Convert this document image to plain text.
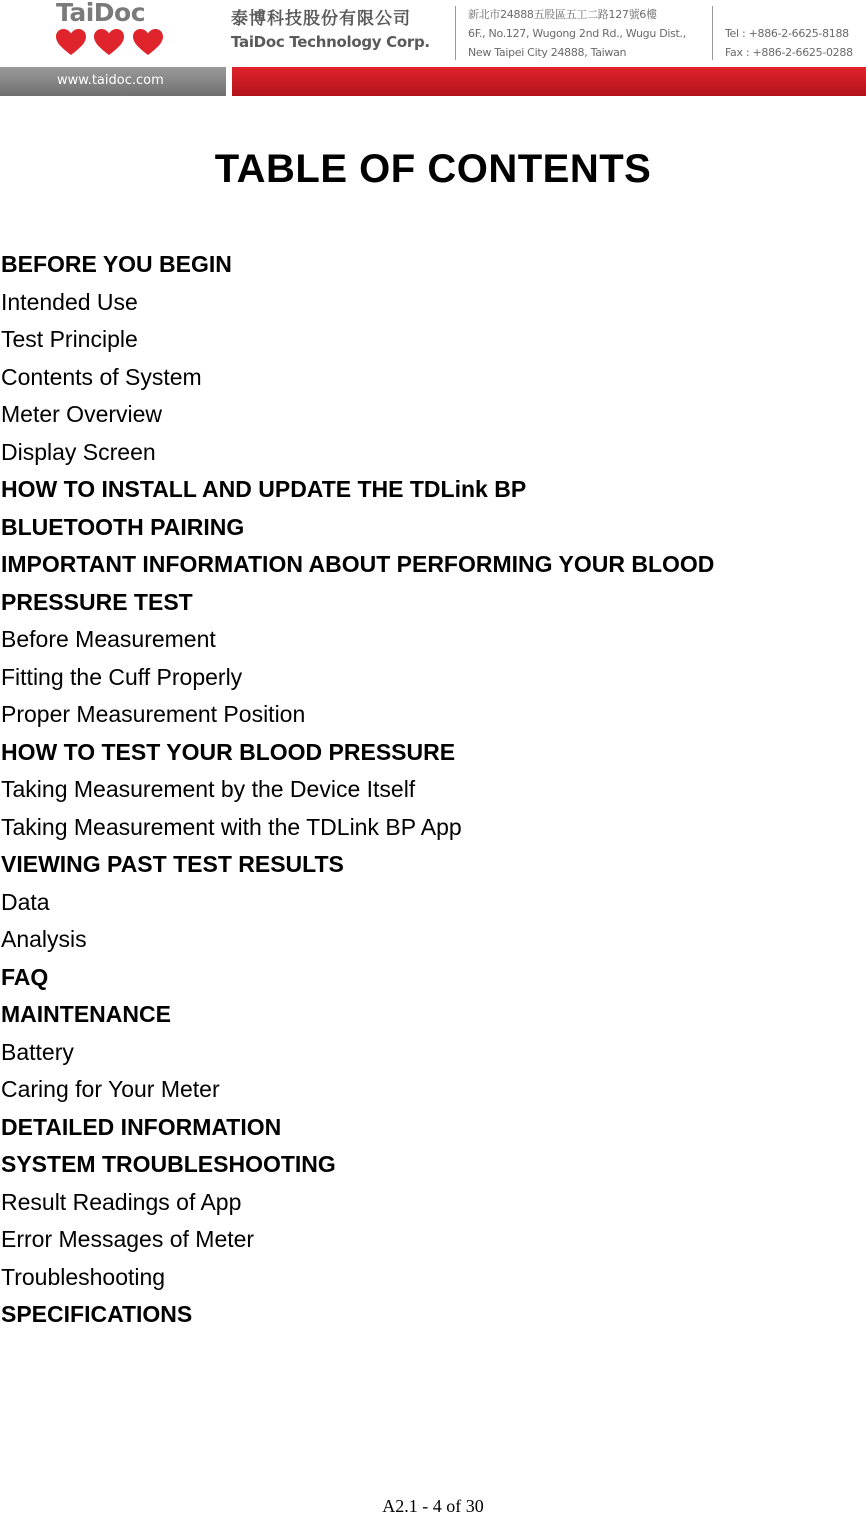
TaiDoc

www.taidoc.com
泰博科技股份有限公司
TaiDoc Technology Corp.
新北市24888五股區五工二路127號6樓
6F., No.127, Wugong 2nd Rd., Wugu Dist.,
New Taipei City 24888, Taiwan
Tel : +886-2-6625-8188
Fax : +886-2-6625-0288
TABLE OF CONTENTS
BEFORE YOU BEGIN
Intended Use
Test Principle
Contents of System
Meter Overview
Display Screen
HOW TO INSTALL AND UPDATE THE TDLink BP
BLUETOOTH PAIRING
IMPORTANT INFORMATION ABOUT PERFORMING YOUR BLOOD
PRESSURE TEST
Before Measurement
Fitting the Cuff Properly
Proper Measurement Position
HOW TO TEST YOUR BLOOD PRESSURE
Taking Measurement by the Device Itself
Taking Measurement with the TDLink BP App
VIEWING PAST TEST RESULTS
Data
Analysis
FAQ
MAINTENANCE
Battery
Caring for Your Meter
DETAILED INFORMATION
SYSTEM TROUBLESHOOTING
Result Readings of App
Error Messages of Meter
Troubleshooting
SPECIFICATIONS
A2.1 - 4 of 30
